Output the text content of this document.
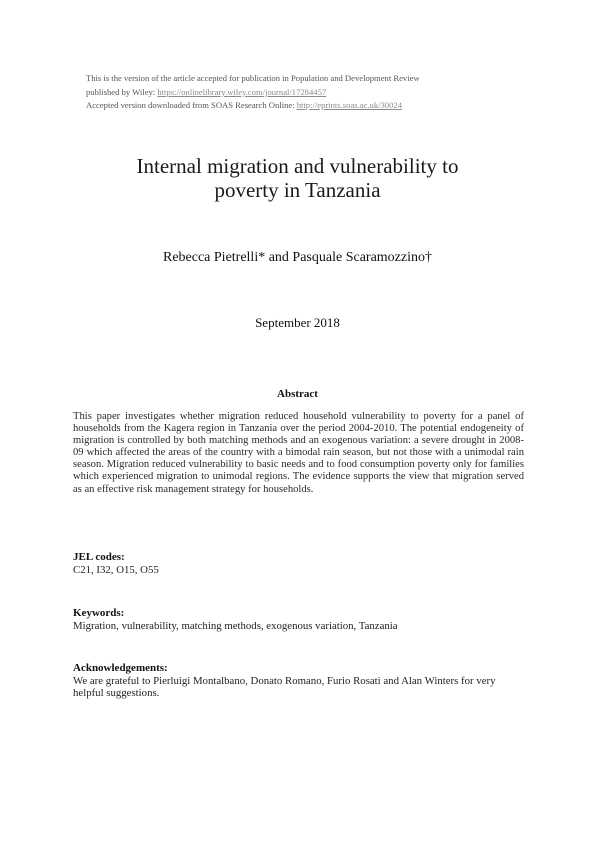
This is the version of the article accepted for publication in Population and Development Review
published by Wiley: https://onlinelibrary.wiley.com/journal/17284457
Accepted version downloaded from SOAS Research Online: http://eprints.soas.ac.uk/30024
Internal migration and vulnerability to
poverty in Tanzania
Rebecca Pietrelli* and Pasquale Scaramozzino†
September 2018
Abstract
This paper investigates whether migration reduced household vulnerability to poverty for a panel of households from the Kagera region in Tanzania over the period 2004-2010. The potential endogeneity of migration is controlled by both matching methods and an exogenous variation: a severe drought in 2008-09 which affected the areas of the country with a bimodal rain season, but not those with a unimodal rain season. Migration reduced vulnerability to basic needs and to food consumption poverty only for families which experienced migration to unimodal regions. The evidence supports the view that migration served as an effective risk management strategy for households.
JEL codes:
C21, I32, O15, O55
Keywords:
Migration, vulnerability, matching methods, exogenous variation, Tanzania
Acknowledgements:
We are grateful to Pierluigi Montalbano, Donato Romano, Furio Rosati and Alan Winters for very helpful suggestions.
